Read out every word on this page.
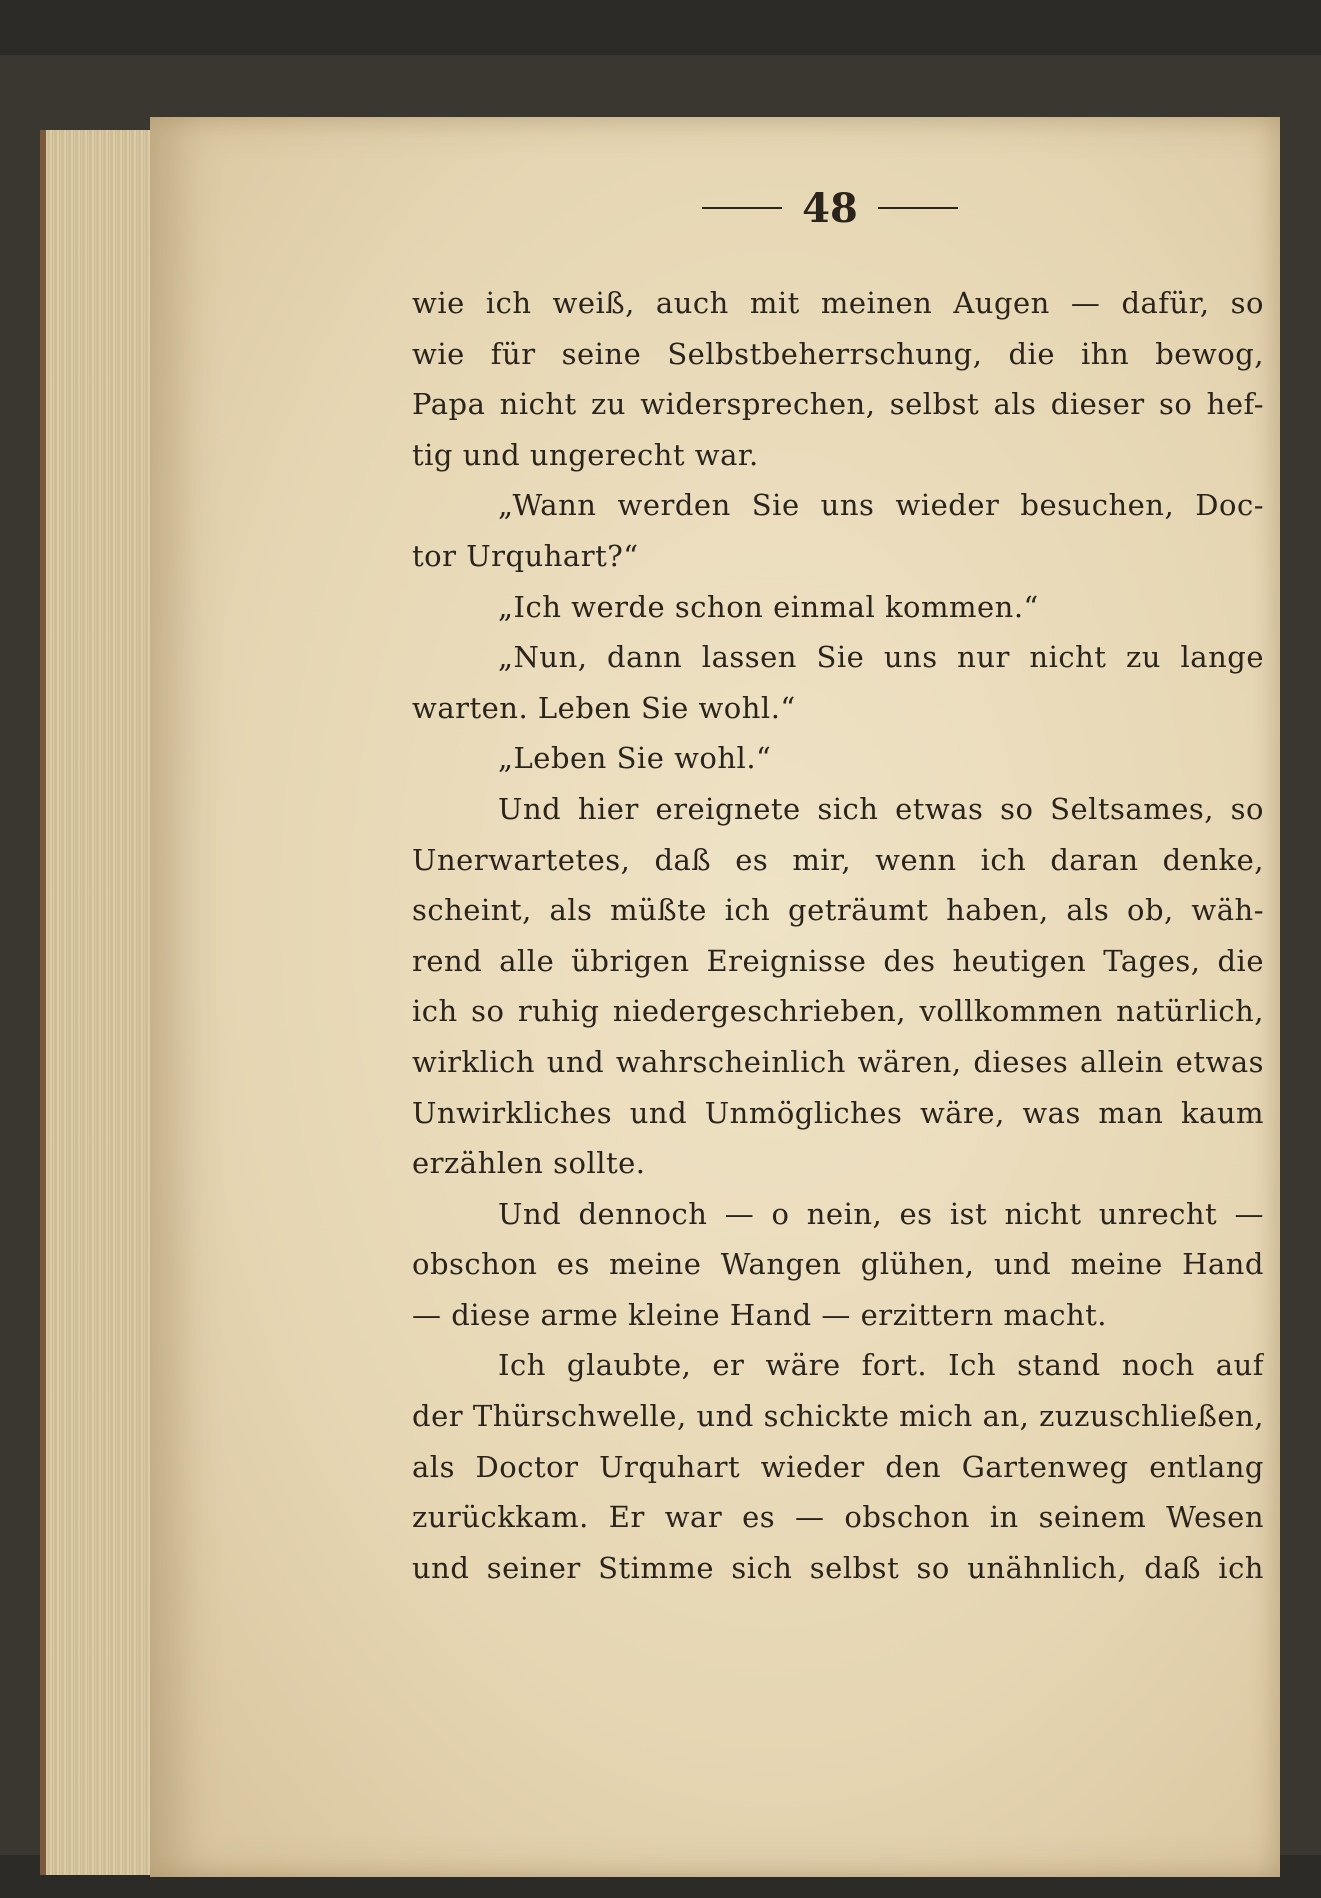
48
wie ich weiß, auch mit meinen Augen — dafür, so
wie für seine Selbstbeherrschung, die ihn bewog,
Papa nicht zu widersprechen, selbst als dieser so hef-
tig und ungerecht war.
„Wann werden Sie uns wieder besuchen, Doc-
tor Urquhart?“
„Ich werde schon einmal kommen.“
„Nun, dann lassen Sie uns nur nicht zu lange
warten. Leben Sie wohl.“
„Leben Sie wohl.“
Und hier ereignete sich etwas so Seltsames, so
Unerwartetes, daß es mir, wenn ich daran denke,
scheint, als müßte ich geträumt haben, als ob, wäh-
rend alle übrigen Ereignisse des heutigen Tages, die
ich so ruhig niedergeschrieben, vollkommen natürlich,
wirklich und wahrscheinlich wären, dieses allein etwas
Unwirkliches und Unmögliches wäre, was man kaum
erzählen sollte.
Und dennoch — o nein, es ist nicht unrecht —
obschon es meine Wangen glühen, und meine Hand
— diese arme kleine Hand — erzittern macht.
Ich glaubte, er wäre fort. Ich stand noch auf
der Thürschwelle, und schickte mich an, zuzuschließen,
als Doctor Urquhart wieder den Gartenweg entlang
zurückkam. Er war es — obschon in seinem Wesen
und seiner Stimme sich selbst so unähnlich, daß ich
